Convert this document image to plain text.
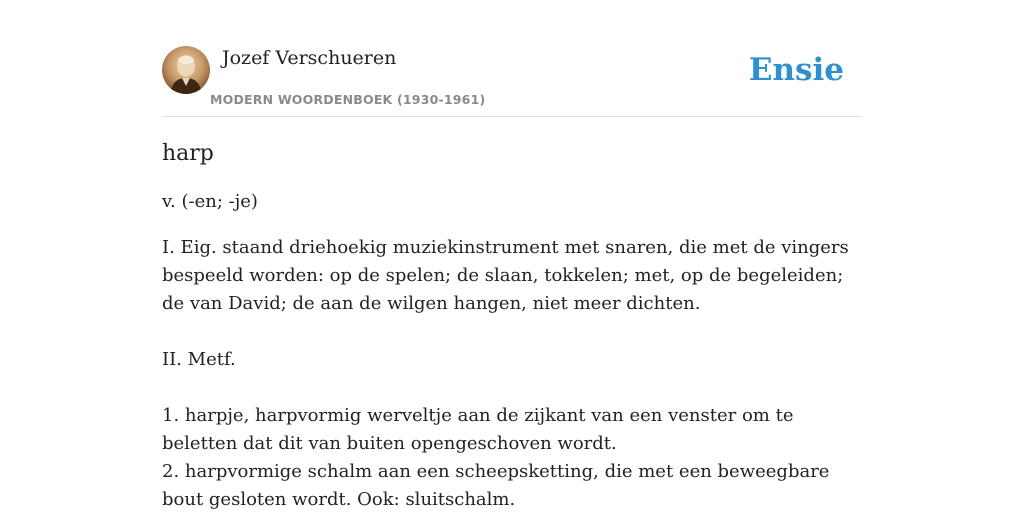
Jozef Verschueren
MODERN WOORDENBOEK (1930-1961)
Ensie
harp

v. (-en; -je)

I. Eig. staand driehoekig muziekinstrument met snaren, die met de vingers bespeeld worden: op de spelen; de slaan, tokkelen; met, op de begeleiden; de van David; de aan de wilgen hangen, niet meer dichten.

II. Metf.

1. harpje, harpvormig werveltje aan de zijkant van een venster om te beletten dat dit van buiten opengeschoven wordt.

2. harpvormige schalm aan een scheepsketting, die met een beweegbare bout gesloten wordt. Ook: sluitschalm.
